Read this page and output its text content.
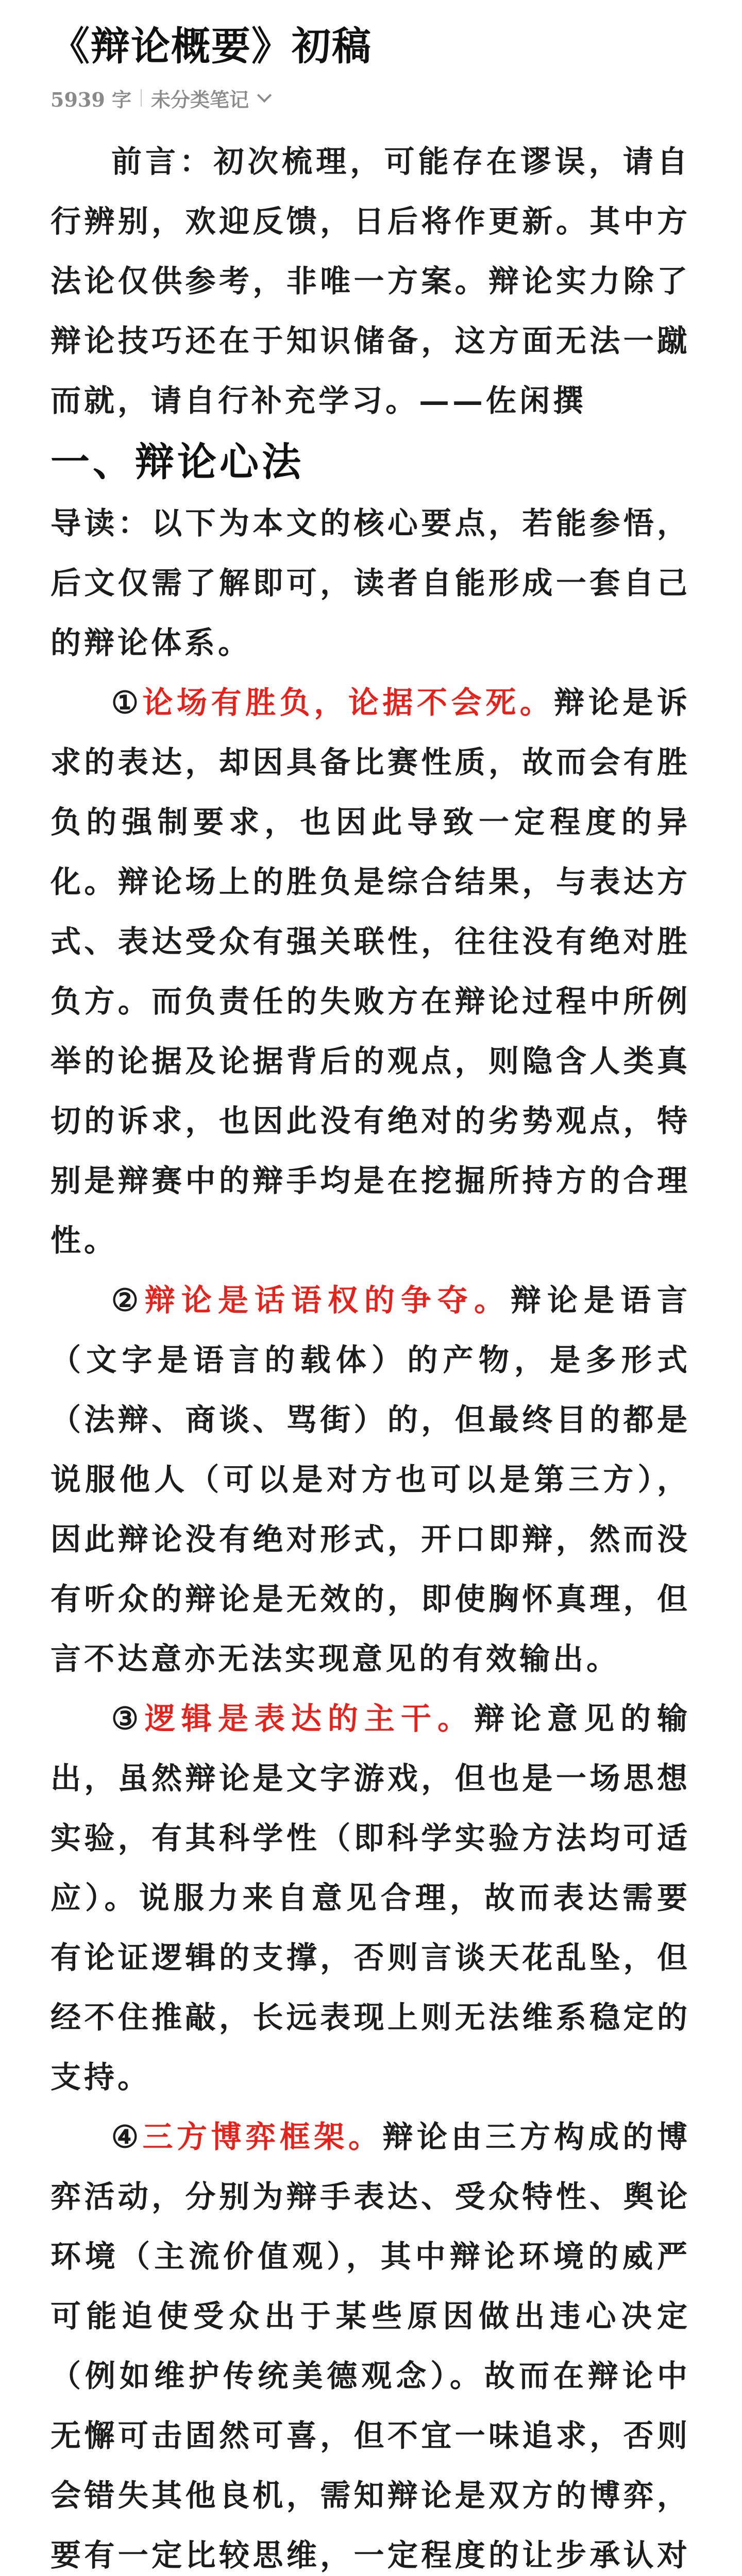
《辩论概要》初稿
5939 字 未分类笔记

前言：初次梳理，可能存在谬误，请自行辨别，欢迎反馈，日后将作更新。其中方法论仅供参考，非唯一方案。辩论实力除了辩论技巧还在于知识储备，这方面无法一蹴而就，请自行补充学习。——佐闲撰

一、辩论心法

导读：以下为本文的核心要点，若能参悟，后文仅需了解即可，读者自能形成一套自己的辩论体系。

①论场有胜负，论据不会死。辩论是诉求的表达，却因具备比赛性质，故而会有胜负的强制要求，也因此导致一定程度的异化。辩论场上的胜负是综合结果，与表达方式、表达受众有强关联性，往往没有绝对胜负方。而负责任的失败方在辩论过程中所例举的论据及论据背后的观点，则隐含人类真切的诉求，也因此没有绝对的劣势观点，特别是辩赛中的辩手均是在挖掘所持方的合理性。

②辩论是话语权的争夺。辩论是语言（文字是语言的载体）的产物，是多形式（法辩、商谈、骂街）的，但最终目的都是说服他人（可以是对方也可以是第三方），因此辩论没有绝对形式，开口即辩，然而没有听众的辩论是无效的，即使胸怀真理，但言不达意亦无法实现意见的有效输出。

③逻辑是表达的主干。辩论意见的输出，虽然辩论是文字游戏，但也是一场思想实验，有其科学性（即科学实验方法均可适应）。说服力来自意见合理，故而表达需要有论证逻辑的支撑，否则言谈天花乱坠，但经不住推敲，长远表现上则无法维系稳定的支持。

④三方博弈框架。辩论由三方构成的博弈活动，分别为辩手表达、受众特性、舆论环境（主流价值观），其中辩论环境的威严可能迫使受众出于某些原因做出违心决定（例如维护传统美德观念）。故而在辩论中无懈可击固然可喜，但不宜一味追求，否则会错失其他良机，需知辩论是双方的博弈，要有一定比较思维，一定程度的让步承认对
